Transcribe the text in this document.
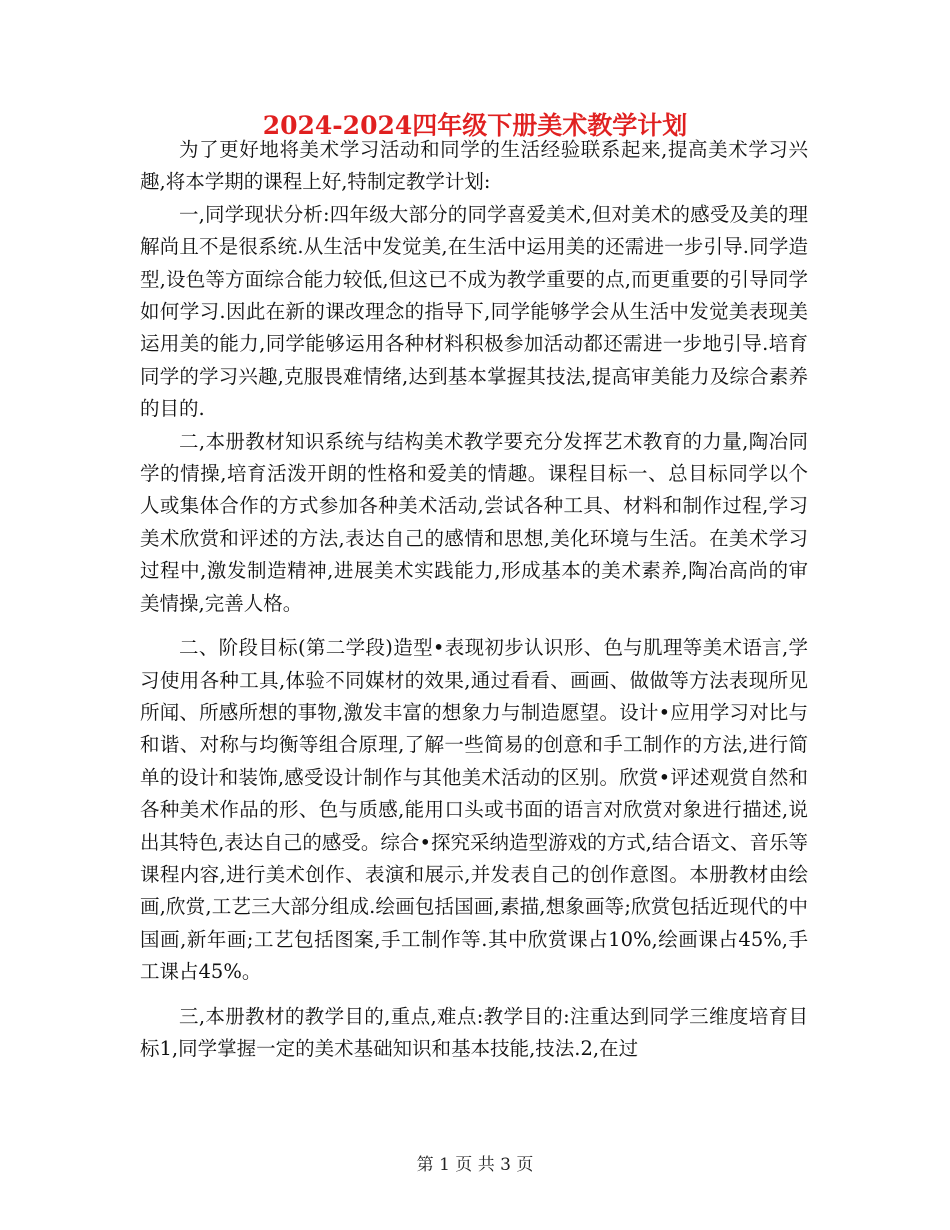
2024-2024四年级下册美术教学计划

为了更好地将美术学习活动和同学的生活经验联系起来,提高美术学习兴趣,将本学期的课程上好,特制定教学计划:

一,同学现状分析:四年级大部分的同学喜爱美术,但对美术的感受及美的理解尚且不是很系统.从生活中发觉美,在生活中运用美的还需进一步引导.同学造型,设色等方面综合能力较低,但这已不成为教学重要的点,而更重要的引导同学如何学习.因此在新的课改理念的指导下,同学能够学会从生活中发觉美表现美运用美的能力,同学能够运用各种材料积极参加活动都还需进一步地引导.培育同学的学习兴趣,克服畏难情绪,达到基本掌握其技法,提高审美能力及综合素养的目的.

二,本册教材知识系统与结构美术教学要充分发挥艺术教育的力量,陶冶同学的情操,培育活泼开朗的性格和爱美的情趣。课程目标一、总目标同学以个人或集体合作的方式参加各种美术活动,尝试各种工具、材料和制作过程,学习美术欣赏和评述的方法,表达自己的感情和思想,美化环境与生活。在美术学习过程中,激发制造精神,进展美术实践能力,形成基本的美术素养,陶冶高尚的审美情操,完善人格。

二、阶段目标(第二学段)造型•表现初步认识形、色与肌理等美术语言,学习使用各种工具,体验不同媒材的效果,通过看看、画画、做做等方法表现所见所闻、所感所想的事物,激发丰富的想象力与制造愿望。设计•应用学习对比与和谐、对称与均衡等组合原理,了解一些简易的创意和手工制作的方法,进行简单的设计和装饰,感受设计制作与其他美术活动的区别。欣赏•评述观赏自然和各种美术作品的形、色与质感,能用口头或书面的语言对欣赏对象进行描述,说出其特色,表达自己的感受。综合•探究采纳造型游戏的方式,结合语文、音乐等课程内容,进行美术创作、表演和展示,并发表自己的创作意图。本册教材由绘画,欣赏,工艺三大部分组成.绘画包括国画,素描,想象画等;欣赏包括近现代的中国画,新年画;工艺包括图案,手工制作等.其中欣赏课占10%,绘画课占45%,手工课占45%。

三,本册教材的教学目的,重点,难点:教学目的:注重达到同学三维度培育目标1,同学掌握一定的美术基础知识和基本技能,技法.2,在过

第 1 页 共 3 页
